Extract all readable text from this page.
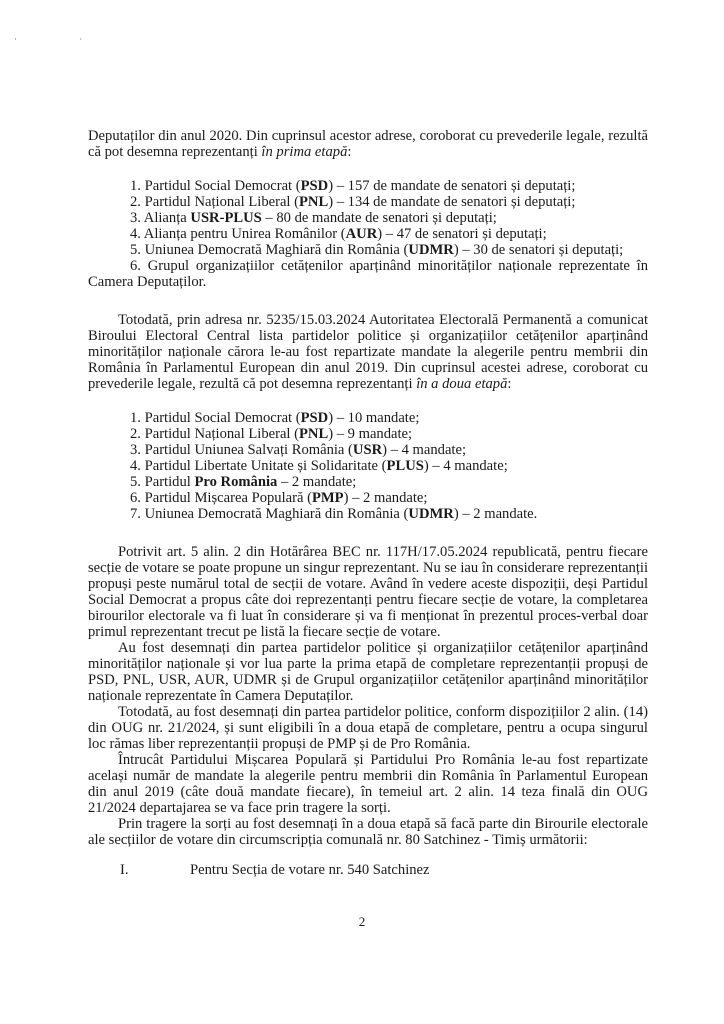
· ·

Deputaților din anul 2020. Din cuprinsul acestor adrese, coroborat cu prevederile legale, rezultă că pot desemna reprezentanți în prima etapă:

1. Partidul Social Democrat (PSD) – 157 de mandate de senatori și deputați;
2. Partidul Național Liberal (PNL) – 134 de mandate de senatori și deputați;
3. Alianța USR-PLUS – 80 de mandate de senatori și deputați;
4. Alianța pentru Unirea Românilor (AUR) – 47 de senatori și deputați;
5. Uniunea Democrată Maghiară din România (UDMR) – 30 de senatori și deputați;
6. Grupul organizațiilor cetățenilor aparținând minorităților naționale reprezentate în Camera Deputaților.

Totodată, prin adresa nr. 5235/15.03.2024 Autoritatea Electorală Permanentă a comunicat Biroului Electoral Central lista partidelor politice și organizațiilor cetățenilor aparținând minorităților naționale cărora le-au fost repartizate mandate la alegerile pentru membrii din România în Parlamentul European din anul 2019. Din cuprinsul acestei adrese, coroborat cu prevederile legale, rezultă că pot desemna reprezentanți în a doua etapă:

1. Partidul Social Democrat (PSD) – 10 mandate;
2. Partidul Național Liberal (PNL) – 9 mandate;
3. Partidul Uniunea Salvați România (USR) – 4 mandate;
4. Partidul Libertate Unitate și Solidaritate (PLUS) – 4 mandate;
5. Partidul Pro România – 2 mandate;
6. Partidul Mișcarea Populară (PMP) – 2 mandate;
7. Uniunea Democrată Maghiară din România (UDMR) – 2 mandate.

Potrivit art. 5 alin. 2 din Hotărârea BEC nr. 117H/17.05.2024 republicată, pentru fiecare secție de votare se poate propune un singur reprezentant. Nu se iau în considerare reprezentanții propuși peste numărul total de secții de votare. Având în vedere aceste dispoziții, deși Partidul Social Democrat a propus câte doi reprezentanți pentru fiecare secție de votare, la completarea birourilor electorale va fi luat în considerare și va fi menționat în prezentul proces-verbal doar primul reprezentant trecut pe listă la fiecare secție de votare.

Au fost desemnați din partea partidelor politice și organizațiilor cetățenilor aparținând minorităților naționale și vor lua parte la prima etapă de completare reprezentanții propuși de PSD, PNL, USR, AUR, UDMR și de Grupul organizațiilor cetățenilor aparținând minorităților naționale reprezentate în Camera Deputaților.

Totodată, au fost desemnați din partea partidelor politice, conform dispozițiilor 2 alin. (14) din OUG nr. 21/2024, și sunt eligibili în a doua etapă de completare, pentru a ocupa singurul loc rămas liber reprezentanții propuși de PMP și de Pro România.

Întrucât Partidului Mișcarea Populară și Partidului Pro România le-au fost repartizate același număr de mandate la alegerile pentru membrii din România în Parlamentul European din anul 2019 (câte două mandate fiecare), în temeiul art. 2 alin. 14 teza finală din OUG 21/2024 departajarea se va face prin tragere la sorți.

Prin tragere la sorți au fost desemnați în a doua etapă să facă parte din Birourile electorale ale secțiilor de votare din circumscripția comunală nr. 80 Satchinez - Timiș următorii:

I.	Pentru Secția de votare nr. 540 Satchinez
2
